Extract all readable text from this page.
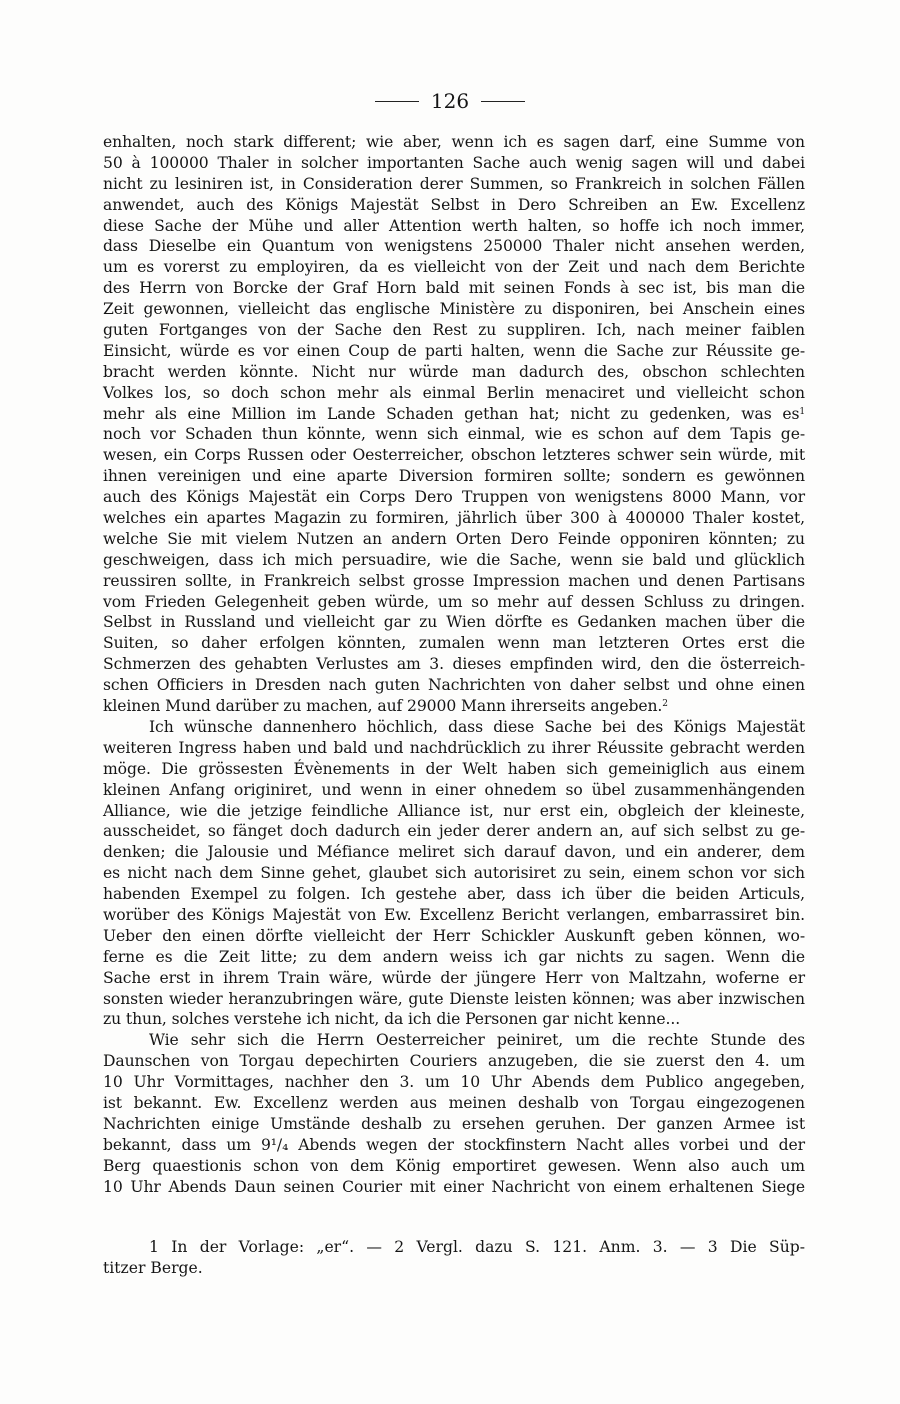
126
enhalten, noch stark different; wie aber, wenn ich es sagen darf, eine Summe von
50 à 100000 Thaler in solcher importanten Sache auch wenig sagen will und dabei
nicht zu lesiniren ist, in Consideration derer Summen, so Frankreich in solchen Fällen
anwendet, auch des Königs Majestät Selbst in Dero Schreiben an Ew. Excellenz
diese Sache der Mühe und aller Attention werth halten, so hoffe ich noch immer,
dass Dieselbe ein Quantum von wenigstens 250000 Thaler nicht ansehen werden,
um es vorerst zu employiren, da es vielleicht von der Zeit und nach dem Berichte
des Herrn von Borcke der Graf Horn bald mit seinen Fonds à sec ist, bis man die
Zeit gewonnen, vielleicht das englische Ministère zu disponiren, bei Anschein eines
guten Fortganges von der Sache den Rest zu suppliren. Ich, nach meiner faiblen
Einsicht, würde es vor einen Coup de parti halten, wenn die Sache zur Réussite ge-
bracht werden könnte. Nicht nur würde man dadurch des, obschon schlechten
Volkes los, so doch schon mehr als einmal Berlin menaciret und vielleicht schon
mehr als eine Million im Lande Schaden gethan hat; nicht zu gedenken, was es$^1$
noch vor Schaden thun könnte, wenn sich einmal, wie es schon auf dem Tapis ge-
wesen, ein Corps Russen oder Oesterreicher, obschon letzteres schwer sein würde, mit
ihnen vereinigen und eine aparte Diversion formiren sollte; sondern es gewönnen
auch des Königs Majestät ein Corps Dero Truppen von wenigstens 8000 Mann, vor
welches ein apartes Magazin zu formiren, jährlich über 300 à 400000 Thaler kostet,
welche Sie mit vielem Nutzen an andern Orten Dero Feinde opponiren könnten; zu
geschweigen, dass ich mich persuadire, wie die Sache, wenn sie bald und glücklich
reussiren sollte, in Frankreich selbst grosse Impression machen und denen Partisans
vom Frieden Gelegenheit geben würde, um so mehr auf dessen Schluss zu dringen.
Selbst in Russland und vielleicht gar zu Wien dörfte es Gedanken machen über die
Suiten, so daher erfolgen könnten, zumalen wenn man letzteren Ortes erst die
Schmerzen des gehabten Verlustes am 3. dieses empfinden wird, den die österreich-
schen Officiers in Dresden nach guten Nachrichten von daher selbst und ohne einen
kleinen Mund darüber zu machen, auf 29000 Mann ihrerseits angeben.$^2$
Ich wünsche dannenhero höchlich, dass diese Sache bei des Königs Majestät
weiteren Ingress haben und bald und nachdrücklich zu ihrer Réussite gebracht werden
möge. Die grössesten Évènements in der Welt haben sich gemeiniglich aus einem
kleinen Anfang originiret, und wenn in einer ohnedem so übel zusammenhängenden
Alliance, wie die jetzige feindliche Alliance ist, nur erst ein, obgleich der kleineste,
ausscheidet, so fänget doch dadurch ein jeder derer andern an, auf sich selbst zu ge-
denken; die Jalousie und Méfiance meliret sich darauf davon, und ein anderer, dem
es nicht nach dem Sinne gehet, glaubet sich autorisiret zu sein, einem schon vor sich
habenden Exempel zu folgen. Ich gestehe aber, dass ich über die beiden Articuls,
worüber des Königs Majestät von Ew. Excellenz Bericht verlangen, embarrassiret bin.
Ueber den einen dörfte vielleicht der Herr Schickler Auskunft geben können, wo-
ferne es die Zeit litte; zu dem andern weiss ich gar nichts zu sagen. Wenn die
Sache erst in ihrem Train wäre, würde der jüngere Herr von Maltzahn, woferne er
sonsten wieder heranzubringen wäre, gute Dienste leisten können; was aber inzwischen
zu thun, solches verstehe ich nicht, da ich die Personen gar nicht kenne...
Wie sehr sich die Herrn Oesterreicher peiniret, um die rechte Stunde des
Daunschen von Torgau depechirten Couriers anzugeben, die sie zuerst den 4. um
10 Uhr Vormittages, nachher den 3. um 10 Uhr Abends dem Publico angegeben,
ist bekannt. Ew. Excellenz werden aus meinen deshalb von Torgau eingezogenen
Nachrichten einige Umstände deshalb zu ersehen geruhen. Der ganzen Armee ist
bekannt, dass um 9¹/₄ Abends wegen der stockfinstern Nacht alles vorbei und der
Berg quaestionis schon von dem König emportiret gewesen. Wenn also auch um
10 Uhr Abends Daun seinen Courier mit einer Nachricht von einem erhaltenen Siege
1 In der Vorlage: „er“. — 2 Vergl. dazu S. 121. Anm. 3. — 3 Die Süp-
titzer Berge.
